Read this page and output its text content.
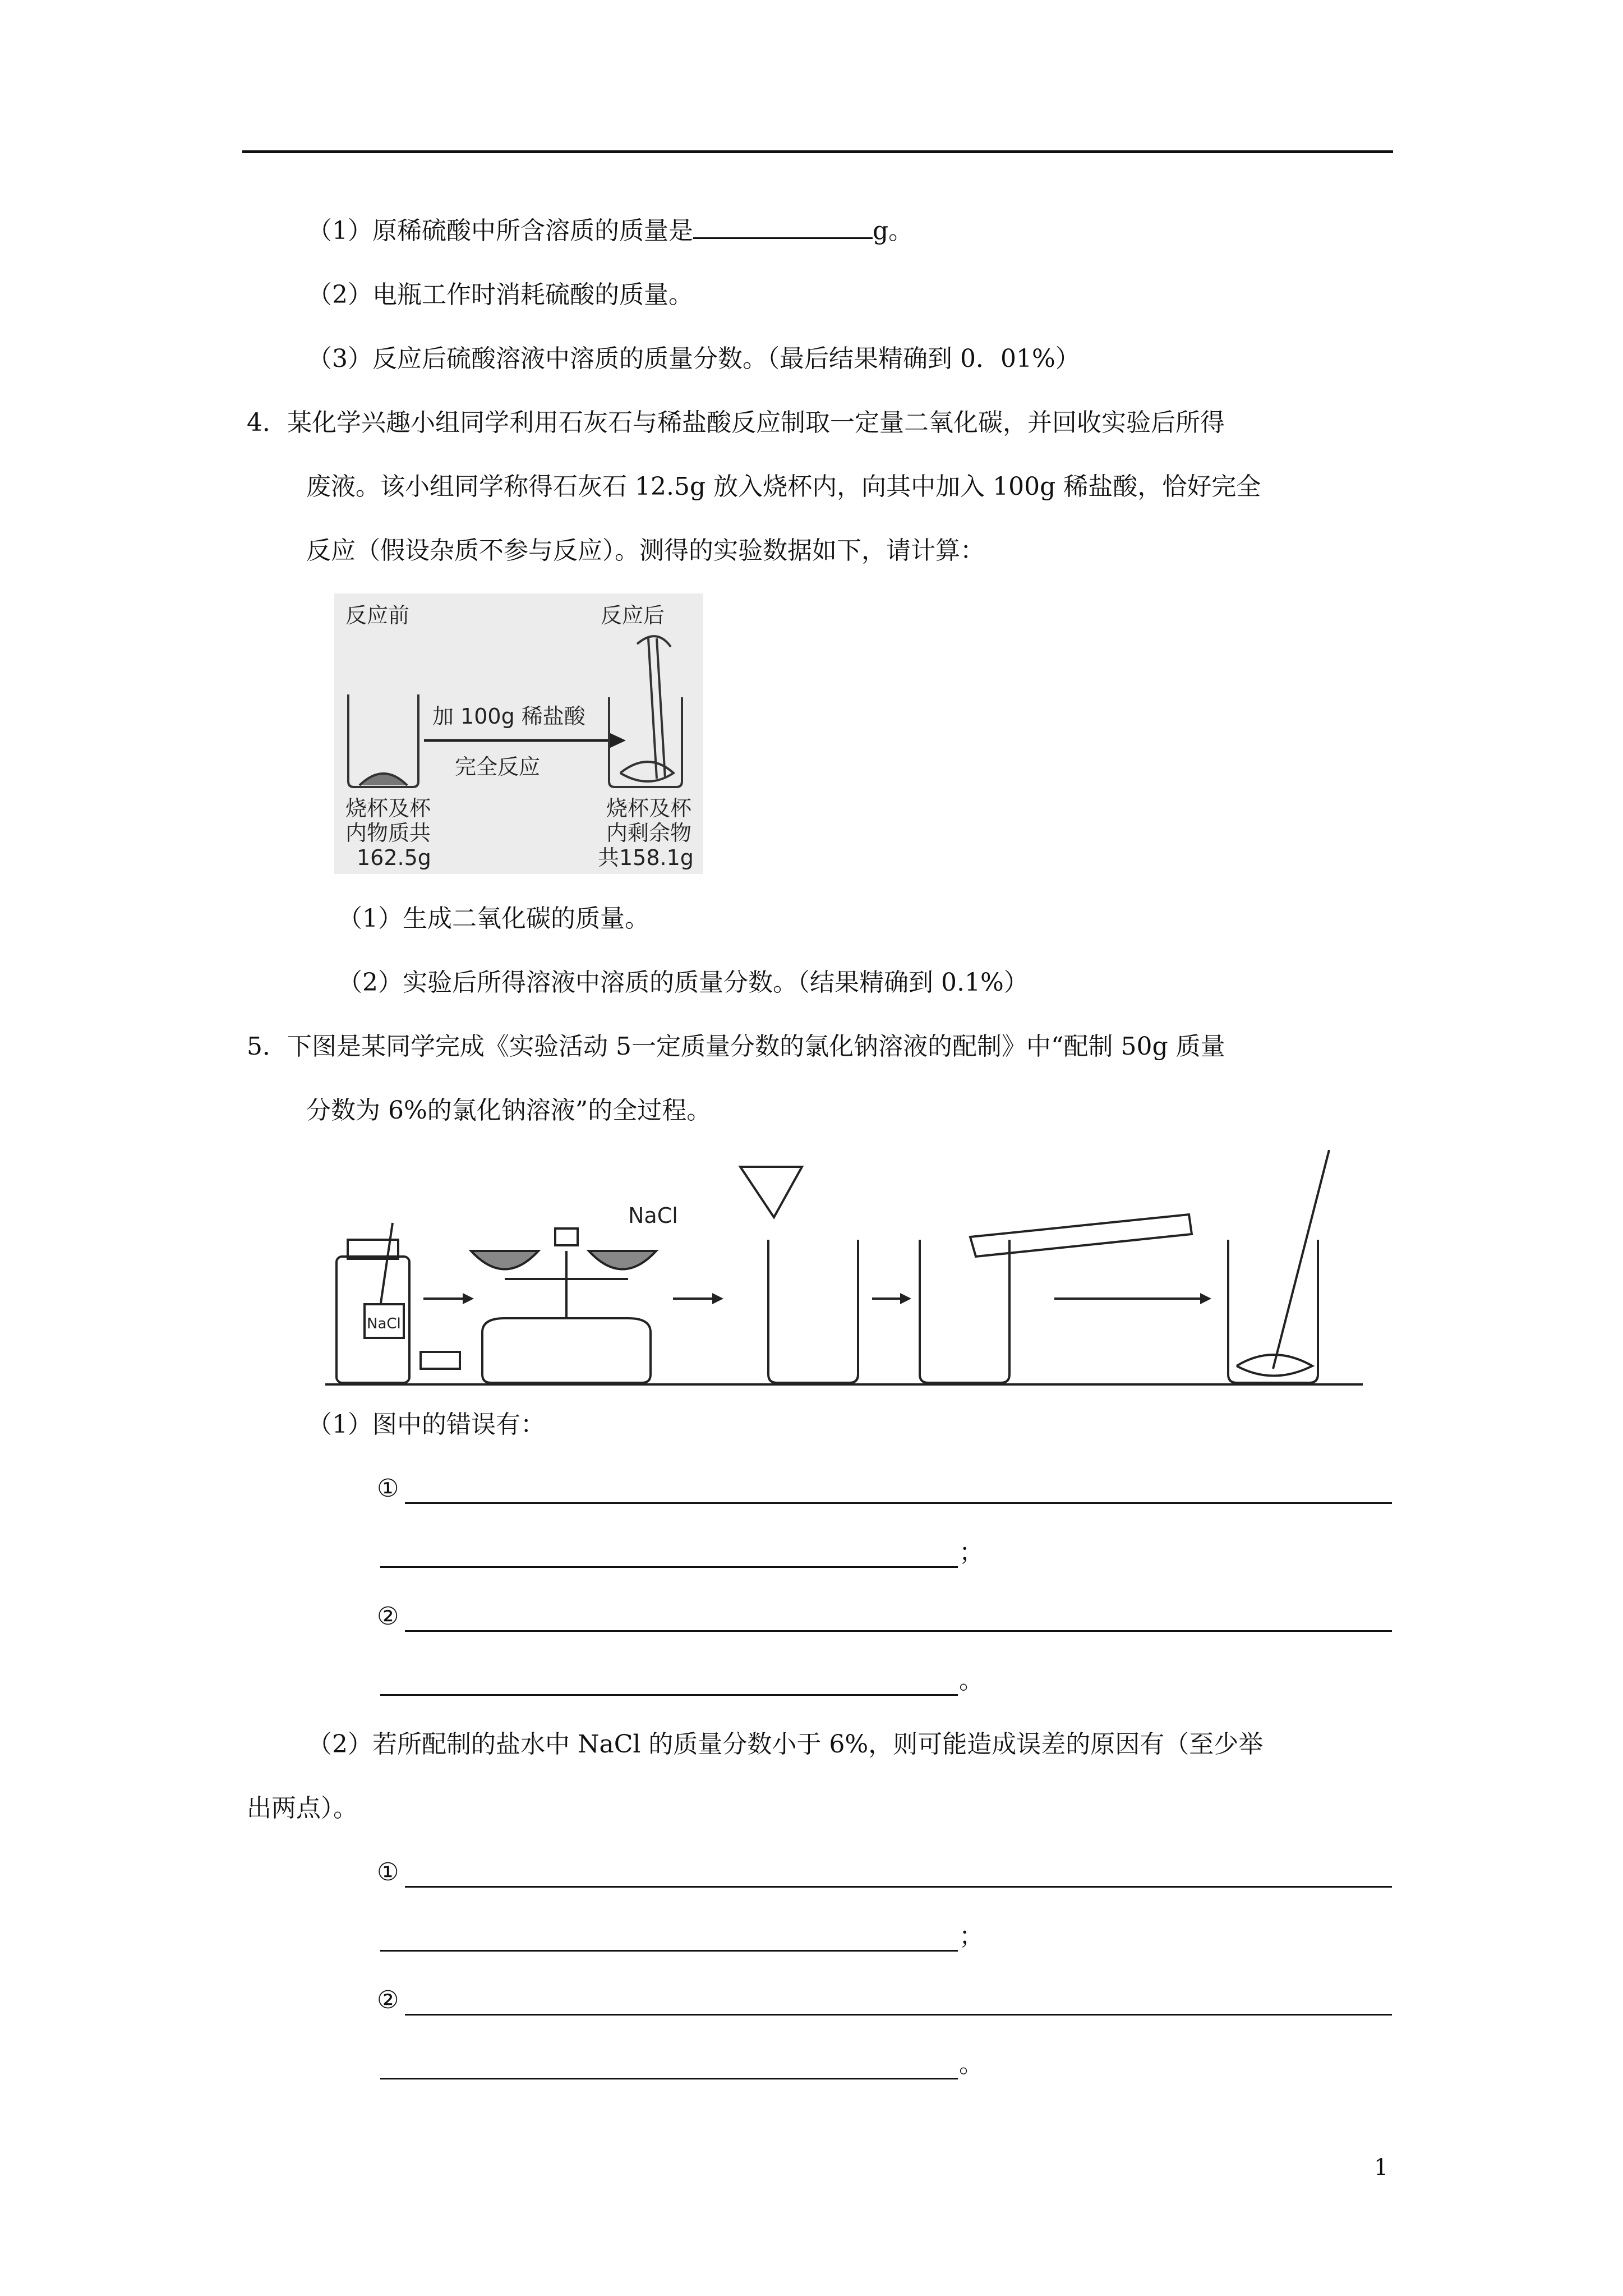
（1）原稀硫酸中所含溶质的质量是	g。
（2）电瓶工作时消耗硫酸的质量。
（3）反应后硫酸溶液中溶质的质量分数。（最后结果精确到 0．01%）
4．某化学兴趣小组同学利用石灰石与稀盐酸反应制取一定量二氧化碳，并回收实验后所得
废液。该小组同学称得石灰石 12.5g 放入烧杯内，向其中加入 100g 稀盐酸，恰好完全
反应（假设杂质不参与反应）。测得的实验数据如下，请计算：
反应前	反应后
加 100g 稀盐酸
完全反应
烧杯及杯
内物质共
162.5g
烧杯及杯
内剩余物
共158.1g
（1）生成二氧化碳的质量。
（2）实验后所得溶液中溶质的质量分数。（结果精确到 0.1%）
5．下图是某同学完成《实验活动 5一定质量分数的氯化钠溶液的配制》中“配制 50g 质量
分数为 6%的氯化钠溶液”的全过程。
NaCl
NaCl
（1）图中的错误有：
①
；
②
。
（2）若所配制的盐水中 NaCl 的质量分数小于 6%，则可能造成误差的原因有（至少举
出两点）。
①
；
②
。
1
